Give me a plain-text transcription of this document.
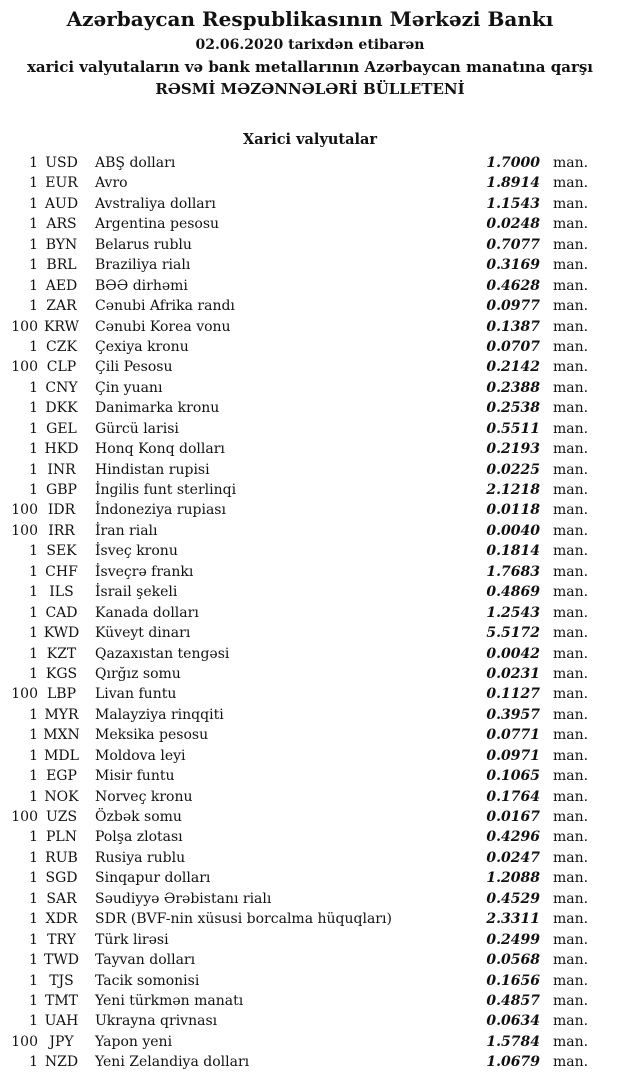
Azərbaycan Respublikasının Mərkəzi Bankı
02.06.2020 tarixdən etibarən
xarici valyutaların və bank metallarının Azərbaycan manatına qarşı
RƏSMİ MƏZƏNNƏLƏRİ BÜLLETENİ
Xarici valyutalar
1 USD	ABŞ dolları	1.7000 man.
1 EUR	Avro	1.8914 man.
1 AUD	Avstraliya dolları	1.1543 man.
1 ARS	Argentina pesosu	0.0248 man.
1 BYN	Belarus rublu	0.7077 man.
1 BRL	Braziliya rialı	0.3169 man.
1 AED	BƏƏ dirhəmi	0.4628 man.
1 ZAR	Cənubi Afrika randı	0.0977 man.
100 KRW	Cənubi Korea vonu	0.1387 man.
1 CZK	Çexiya kronu	0.0707 man.
100 CLP	Çili Pesosu	0.2142 man.
1 CNY	Çin yuanı	0.2388 man.
1 DKK	Danimarka kronu	0.2538 man.
1 GEL	Gürcü larisi	0.5511 man.
1 HKD	Honq Konq dolları	0.2193 man.
1 INR	Hindistan rupisi	0.0225 man.
1 GBP	İngilis funt sterlinqi	2.1218 man.
100 IDR	İndoneziya rupiası	0.0118 man.
100 IRR	İran rialı	0.0040 man.
1 SEK	İsveç kronu	0.1814 man.
1 CHF	İsveçrə frankı	1.7683 man.
1 ILS	İsrail şekeli	0.4869 man.
1 CAD	Kanada dolları	1.2543 man.
1 KWD	Küveyt dinarı	5.5172 man.
1 KZT	Qazaxıstan tengəsi	0.0042 man.
1 KGS	Qırğız somu	0.0231 man.
100 LBP	Livan funtu	0.1127 man.
1 MYR	Malayziya rinqqiti	0.3957 man.
1 MXN	Meksika pesosu	0.0771 man.
1 MDL	Moldova leyi	0.0971 man.
1 EGP	Misir funtu	0.1065 man.
1 NOK	Norveç kronu	0.1764 man.
100 UZS	Özbək somu	0.0167 man.
1 PLN	Polşa zlotası	0.4296 man.
1 RUB	Rusiya rublu	0.0247 man.
1 SGD	Sinqapur dolları	1.2088 man.
1 SAR	Səudiyyə Ərəbistanı rialı	0.4529 man.
1 XDR	SDR (BVF-nin xüsusi borcalma hüquqları)	2.3311 man.
1 TRY	Türk lirəsi	0.2499 man.
1 TWD	Tayvan dolları	0.0568 man.
1 TJS	Tacik somonisi	0.1656 man.
1 TMT	Yeni türkmən manatı	0.4857 man.
1 UAH	Ukrayna qrivnası	0.0634 man.
100 JPY	Yapon yeni	1.5784 man.
1 NZD	Yeni Zelandiya dolları	1.0679 man.
